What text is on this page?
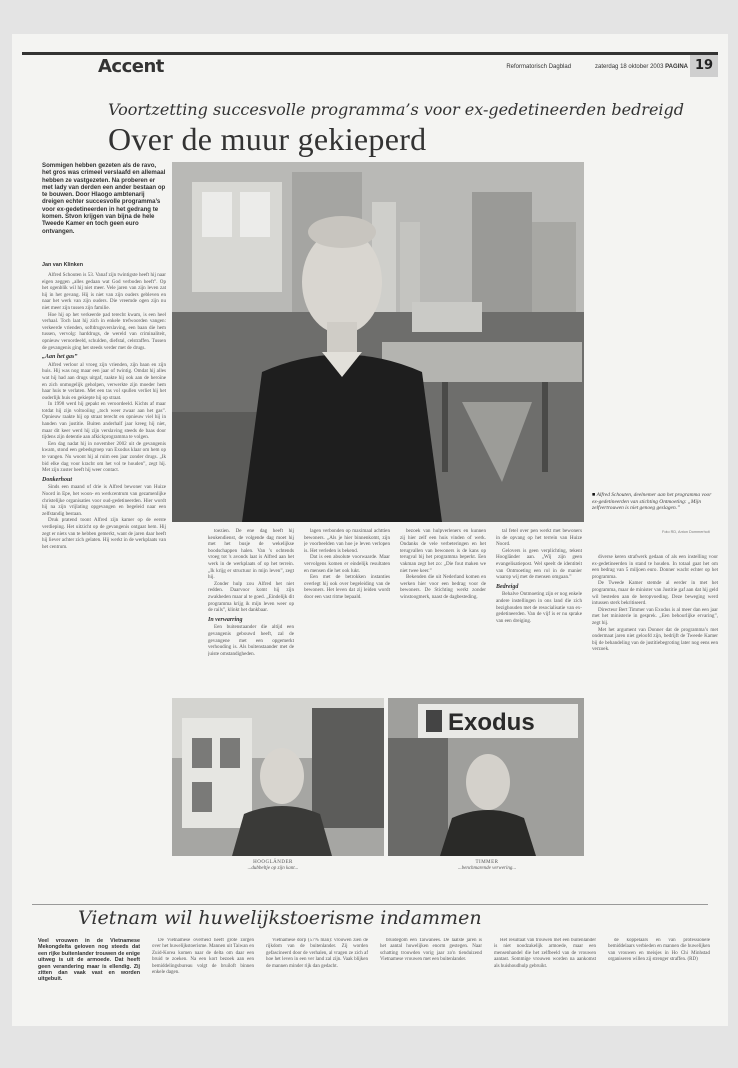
Accent	Reformatorisch Dagblad	zaterdag 18 oktober 2003 PAGINA 19
Voortzetting succesvolle programma’s voor ex-gedetineerden bedreigd
Over de muur gekieperd
Sommigen hebben gezeten als de ravo, het gros was crimeel verslaafd en allemaal hebben ze vastgezeten. Na proberen er met lady van derden een ander bestaan op te bouwen. Door Hlaogo ambtenarij dreigen echter succesvolle programma’s voor ex-gedetineerden in het gedrang te komen. Stvon krijgen van bijna de hele Tweede Kamer en toch geen euro ontvangen.
Jan van Klinken

Alfred Schouten is 53. Vanaf zijn twintigste heeft hij naar eigen zeggen „alles gedaan wat God verboden heeft”. Op het ogenblik wil hij niet meer. Vele jaren van zijn leven zat hij in het gevang. Hij is niet van zijn ouders gebleven en naar het werk van zijn ouders. Die vreemde ogen zijn nu niet meer zijn tussen zijn familie.

Hoe hij op het verkeerde pad terecht kwam, is een heel verhaal. Toch laat hij zich in enkele trefwoorden vangen: verkeerde vrienden, softdrugsverslaving, een baan die hem tussen, vervolg: harddrugs, de wereld van criminaliteit, opnieuw veroordeeld, schulden, diefstal, celstraffen. Tussen de gevangenis ging het steeds verder met de drugs.

„Aan het gas”

Alfred verloor al vroeg zijn vrienden, zijn baan en zijn huis. Hij was nog maar een jaar of twintig. Omdat hij alles wat hij had aan drugs uitgaf, raakte hij ook aan de heroïne en zich onmogelijk geholpen, verwerkte zijn moeder hem haar huis te verlaten. Met een tas vol spullen verliet hij het ouderlijk huis en gekiepte hij op straat.

In 1998 werd hij gepakt en veroordeeld. Kichts af maar totdat hij zijn voltooiing „toch weer zwaar aan het gas”. Opnieuw raakte hij op straat terecht en opnieuw viel hij in handen van justitie. Buiten anderhalf jaar kreeg hij niet, maar dit keer werd hij zijn verslaving steeds de baas door tijdens zijn detentie aan afkickprogramma te volgen.

Een dag nadat hij in november 2002 uit de gevangenis kwam, stond een gebedsgroep van Exodus klaar om hem op te vangen. Nu woont hij al ruim een jaar zonder drugs. „Ik bid elke dag voor kracht om het vol te houden”, zegt hij. Met zijn zuster heeft hij weer contact.

Donkerhout

Sinds een maand of drie is Alfred bewoner van Huize Noord in Epe, het woon- en werkcentrum van gezamenlijke christelijke organisaties voor oud-gedetineerden. Hier wordt hij na zijn vrijlating opgevangen en begeleid naar een zelfstandig bestaan.

Druk pratend toont Alfred zijn kamer op de eerste verdieping. Het uitzicht op de gevangenis ontgaat hem. Hij zegt er niets van te hebben gemerkt, want de jaren daar heeft hij liever achter zich gelaten. Hij werkt in de werkplaats van het centrum.

■ Alfred Schouten, deelnemer aan het programma voor ex-gedetineerden van stichting Ontmoeting: „Mijn zelfvertrouwen is niet genoeg geslagen.”
Foto RD, Anton Dommerholt

toezien. De ene dag heeft hij keukendienst, de volgende dag moet hij met het busje de wekelijkse boodschappen halen. Van 's ochtends vroeg tot 's avonds laat is Alfred aan het werk in de werkplaats of op het terrein. „Ik krijg er structuur in mijn leven”, zegt hij.

Zonder hulp zou Alfred het niet redden. Daarvoor komt hij zijn zwakheden maar al te goed. „Eindelijk dit programma krijg ik mijn leven weer op de rails”, klinkt het dankbaar.

In verwarring

Een buitenstaander die altijd een gevangenis gebouwd heeft, zal de gevangene met een opgemerkt verhouding is. Als buitenstaander met de juiste omstandigheden.

lagen verbonden op maximaal achttien bewoners. „Als je hier binnenkomt, zijn je voorbeelden van hoe je leven verlopen is. Het verleden is bekend.

Dat is een absolute voorwaarde. Maar vervolgens komen er eindelijk resultaten en mensen die het ook lukt.

Een met de betrokken instanties overlegt hij ook over begeleiding van de bewoners. Het leven dat zij leiden wordt door een vast ritme bepaald.

bezoek van hulpverleners en kunnen zij hier zelf een huis vinden of werk. Ondanks de vele verbeteringen en het terugvallen van bewoners is de kans op terugval bij het programma beperkt. Een vakman zegt het zo: „Die fout maken we niet twee keer.”

Bekenden die uit Nederland komen en werken hier voor een bedrag voor de bewoners. De Stichting werkt zonder winstoogmerk, naast de dagbesteding.

tal fetel over pen werkt met bewoners in de opvang op het terrein van Huize Noord.

Gelovers is geen verplichting, tekent Hoogländer aan. „Wij zijn geen evangelisatiepost. Wel speelt de identiteit van Ontmoeting een rol in de manier waarop wij met de mensen omgaan.”

Bedreigd

Behalve Ontmoeting zijn er nog enkele andere instellingen in ons land die zich bezighouden met de resocialisatie van ex-gedetineerden. Van de vijf is er nu sprake van een dreiging.

diverse keren strafwerk gedaan of als een instelling voor ex-gedetineerden in stand te houden. In totaal gaat het om een bedrag van 5 miljoen euro. Donner wacht echter op het programma.

De Tweede Kamer stemde al eerder in met het programma, maar de minister van Justitie gaf aan dat hij geld wil besteden aan de heropvoeding. Deze beweging werd intussen sterk bekritiseerd.

Directeur Bert Timmer van Exodus is al meer dan een jaar met het ministerie in gesprek. „Een behoorlijke ervaring”, zegt hij.

Met het argument van Donner dat de programma’s met ondermaat jaren niet geloofd zijn, bedrijft de Tweede Kamer bij de behandeling van de justitiebegroting later nog eens een verzoek.

Exodus
HOOGLÄNDER
...dubbeltje op zijn kant...
TIMMER
...benchmarende verwering...
Vietnam wil huwelijkstoerisme indammen
Veel vrouwen in de Vietnamese Mekongdelta geloven nog steeds dat een rijke buitenlander trouwen de enige uitweg is uit de armoede. Dat heeft geen verandering maar is ellendig. Zij zitten dan vaak vast en worden uitgebuit.

De Vietnamese overheid heeft grote zorgen over het huwelijkstoerisme. Mannen uit Taiwan en Zuid-Korea komen naar de delta om daar een bruid te zoeken. Na een kort bezoek aan een bemiddelingsbureau volgt de bruiloft binnen enkele dagen.

Vietnamese dorp (57% man): vrouwen zien de rijkdom van de buitenlander. Zij worden gefascineerd door de verhalen, al vragen ze zich af hoe het leven in een ver land zal zijn. Vaak blijken de mannen minder rijk dan gedacht.

bruidegom een Taiwanees. De laatste jaren is het aantal huwelijken enorm gestegen. Naar schatting trouwden vorig jaar zo'n tienduizend Vietnamese vrouwen met een buitenlander.

Het resultaat van trouwen met een buitenlander is niet noodzakelijk armoede, maar een mensenhandel die het zelfbeeld van de vrouwen aantast. Sommige vrouwen worden na aankomst als huishoudhulp gebruikt.

de koppelaars en van professionele bemiddelaars verbieden en mannen die huwelijken van vrouwen en meisjes in Ho Chi Minhstad organiseren willen zij strenger straffen. (RD)
